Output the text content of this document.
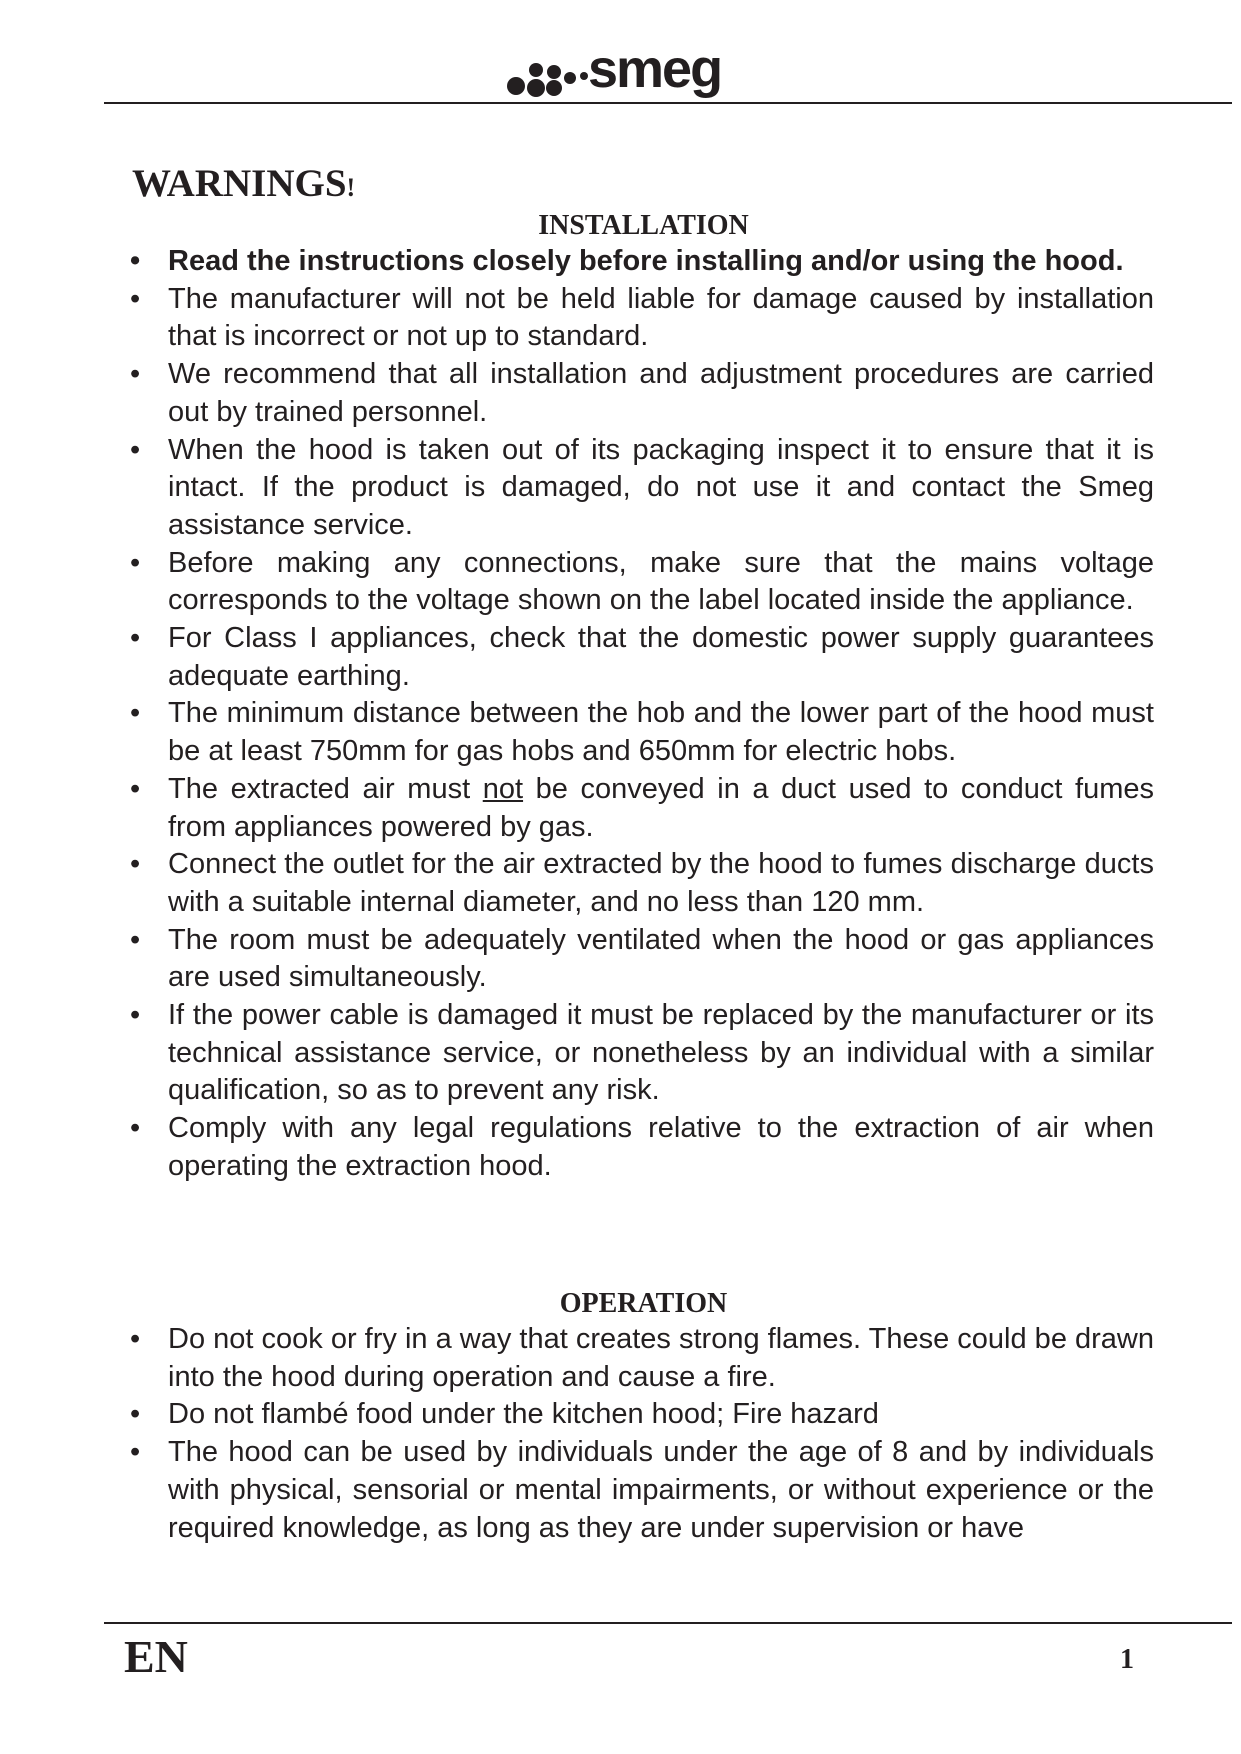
smeg
WARNINGS!
INSTALLATION
• Read the instructions closely before installing and/or using the hood.
• The manufacturer will not be held liable for damage caused by installation that is incorrect or not up to standard.
• We recommend that all installation and adjustment procedures are carried out by trained personnel.
• When the hood is taken out of its packaging inspect it to ensure that it is intact. If the product is damaged, do not use it and contact the Smeg assistance service.
• Before making any connections, make sure that the mains voltage corresponds to the voltage shown on the label located inside the appliance.
• For Class I appliances, check that the domestic power supply guarantees adequate earthing.
• The minimum distance between the hob and the lower part of the hood must be at least 750mm for gas hobs and 650mm for electric hobs.
• The extracted air must not be conveyed in a duct used to conduct fumes from appliances powered by gas.
• Connect the outlet for the air extracted by the hood to fumes discharge ducts with a suitable internal diameter, and no less than 120 mm.
• The room must be adequately ventilated when the hood or gas appliances are used simultaneously.
• If the power cable is damaged it must be replaced by the manufacturer or its technical assistance service, or nonetheless by an individual with a similar qualification, so as to prevent any risk.
• Comply with any legal regulations relative to the extraction of air when operating the extraction hood.
OPERATION
• Do not cook or fry in a way that creates strong flames. These could be drawn into the hood during operation and cause a fire.
• Do not flambé food under the kitchen hood; Fire hazard
• The hood can be used by individuals under the age of 8 and by individuals with physical, sensorial or mental impairments, or without experience or the required knowledge, as long as they are under supervision or have

EN	1
